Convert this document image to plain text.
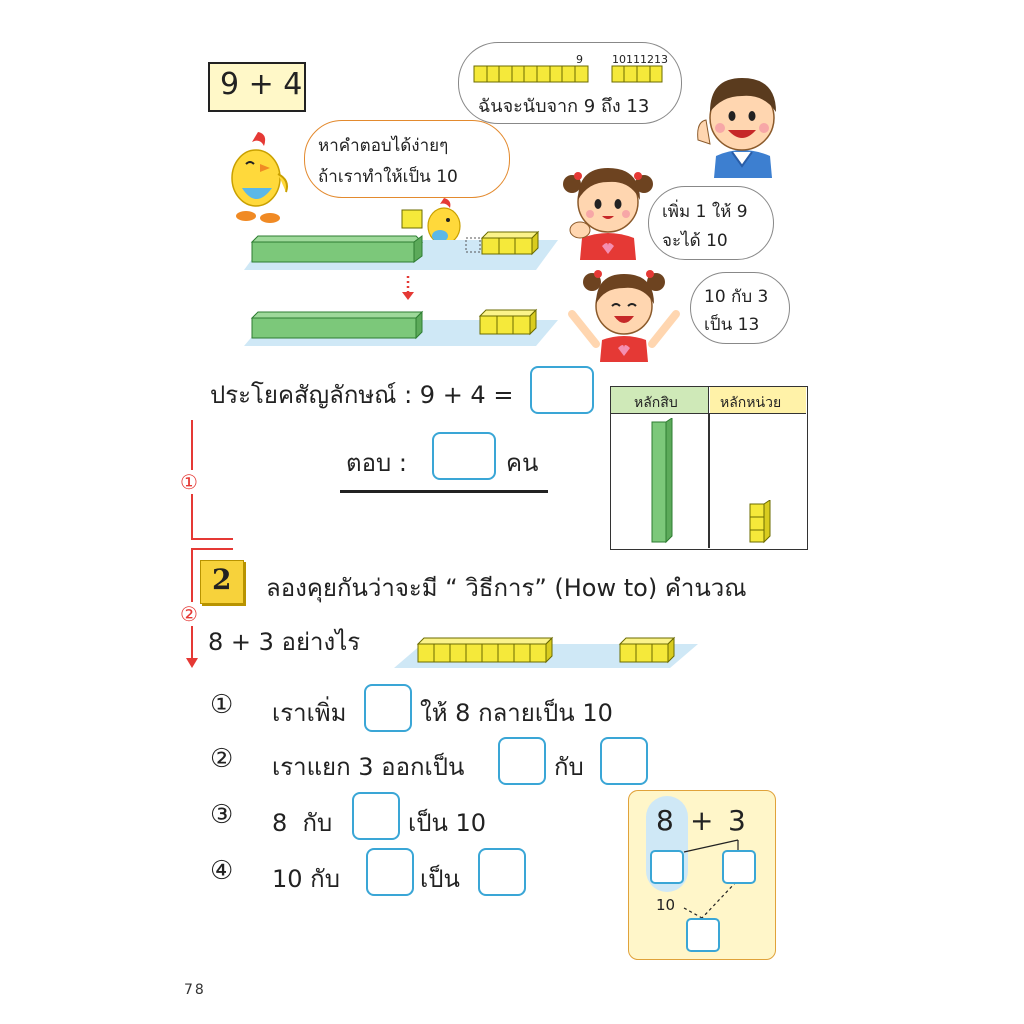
9 + 4
9	10111213
ฉันจะนับจาก 9 ถึง 13
หาคำตอบได้ง่ายๆ
ถ้าเราทำให้เป็น 10
เพิ่ม 1 ให้ 9
จะได้ 10
10 กับ 3
เป็น 13
ประโยคสัญลักษณ์ : 9 + 4 =
ตอบ :	คน
หลักสิบ	หลักหน่วย
①
②
2 ลองคุยกันว่าจะมี “ วิธีการ” (How to) คำนวณ
8 + 3 อย่างไร
① เราเพิ่ม	ให้ 8 กลายเป็น 10
② เราแยก 3 ออกเป็น	กับ
③ 8  กับ	เป็น 10
④ 10 กับ	เป็น
8 + 3
10
78
